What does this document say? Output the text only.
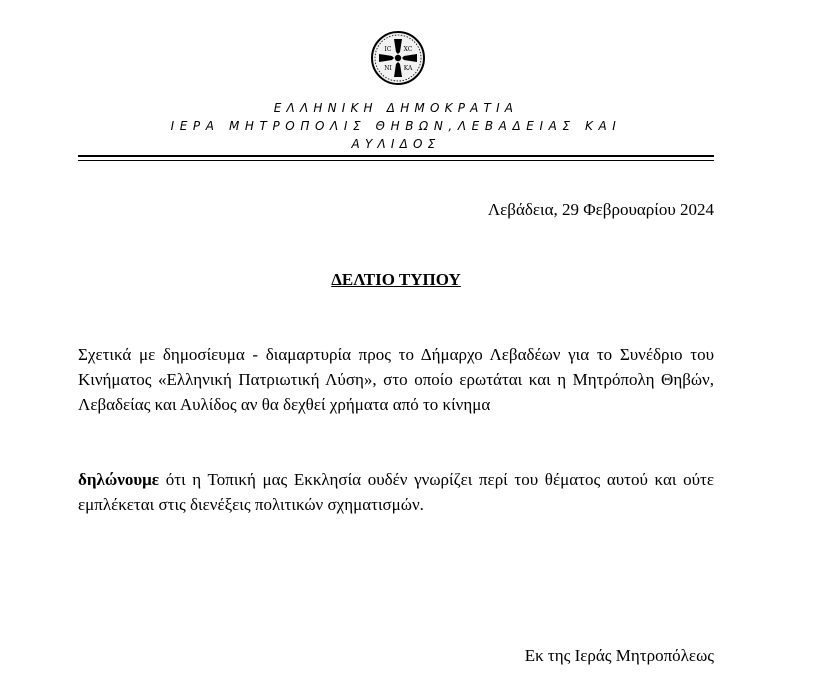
IC XC
NI KA
ΕΛΛΗΝΙΚΗ ΔΗΜΟΚΡΑΤΙΑ
ΙΕΡΑ ΜΗΤΡΟΠΟΛΙΣ ΘΗΒΩΝ,ΛΕΒΑΔΕΙΑΣ ΚΑΙ
ΑΥΛΙΔΟΣ
Λεβάδεια, 29 Φεβρουαρίου 2024
ΔΕΛΤΙΟ ΤΥΠΟΥ
Σχετικά με δημοσίευμα - διαμαρτυρία προς το Δήμαρχο Λεβαδέων για το Συνέδριο του Κινήματος «Ελληνική Πατριωτική Λύση», στο οποίο ερωτάται και η Μητρόπολη Θηβών, Λεβαδείας και Αυλίδος αν θα δεχθεί χρήματα από το κίνημα
δηλώνουμε ότι η Τοπική μας Εκκλησία ουδέν γνωρίζει περί του θέματος αυτού και ούτε εμπλέκεται στις διενέξεις πολιτικών σχηματισμών.
Εκ της Ιεράς Μητροπόλεως
